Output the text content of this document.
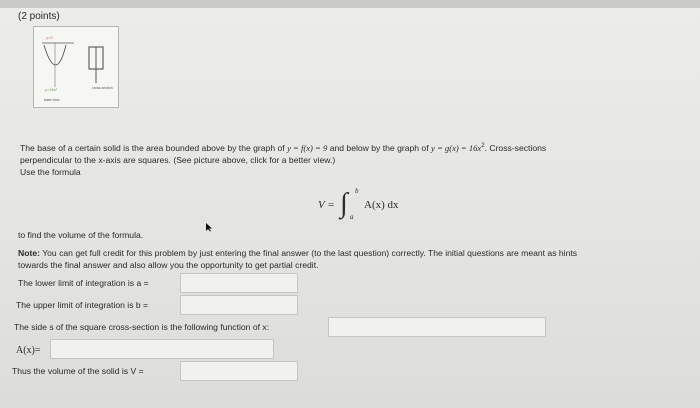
(2 points)
y=9
y=16x²	cross-section
base view
The base of a certain solid is the area bounded above by the graph of y = f(x) = 9 and below by the graph of $y = g(x) = 16x^2$. Cross-sections
perpendicular to the x-axis are squares. (See picture above, click for a better view.)
Use the formula
V = ∫ b
a
A(x) dx
to find the volume of the formula.
Note: You can get full credit for this problem by just entering the final answer (to the last question) correctly. The initial questions are meant as hints
towards the final answer and also allow you the opportunity to get partial credit.
The lower limit of integration is a =
The upper limit of integration is b =
The side s of the square cross-section is the following function of x:
A(x)=
Thus the volume of the solid is V =
